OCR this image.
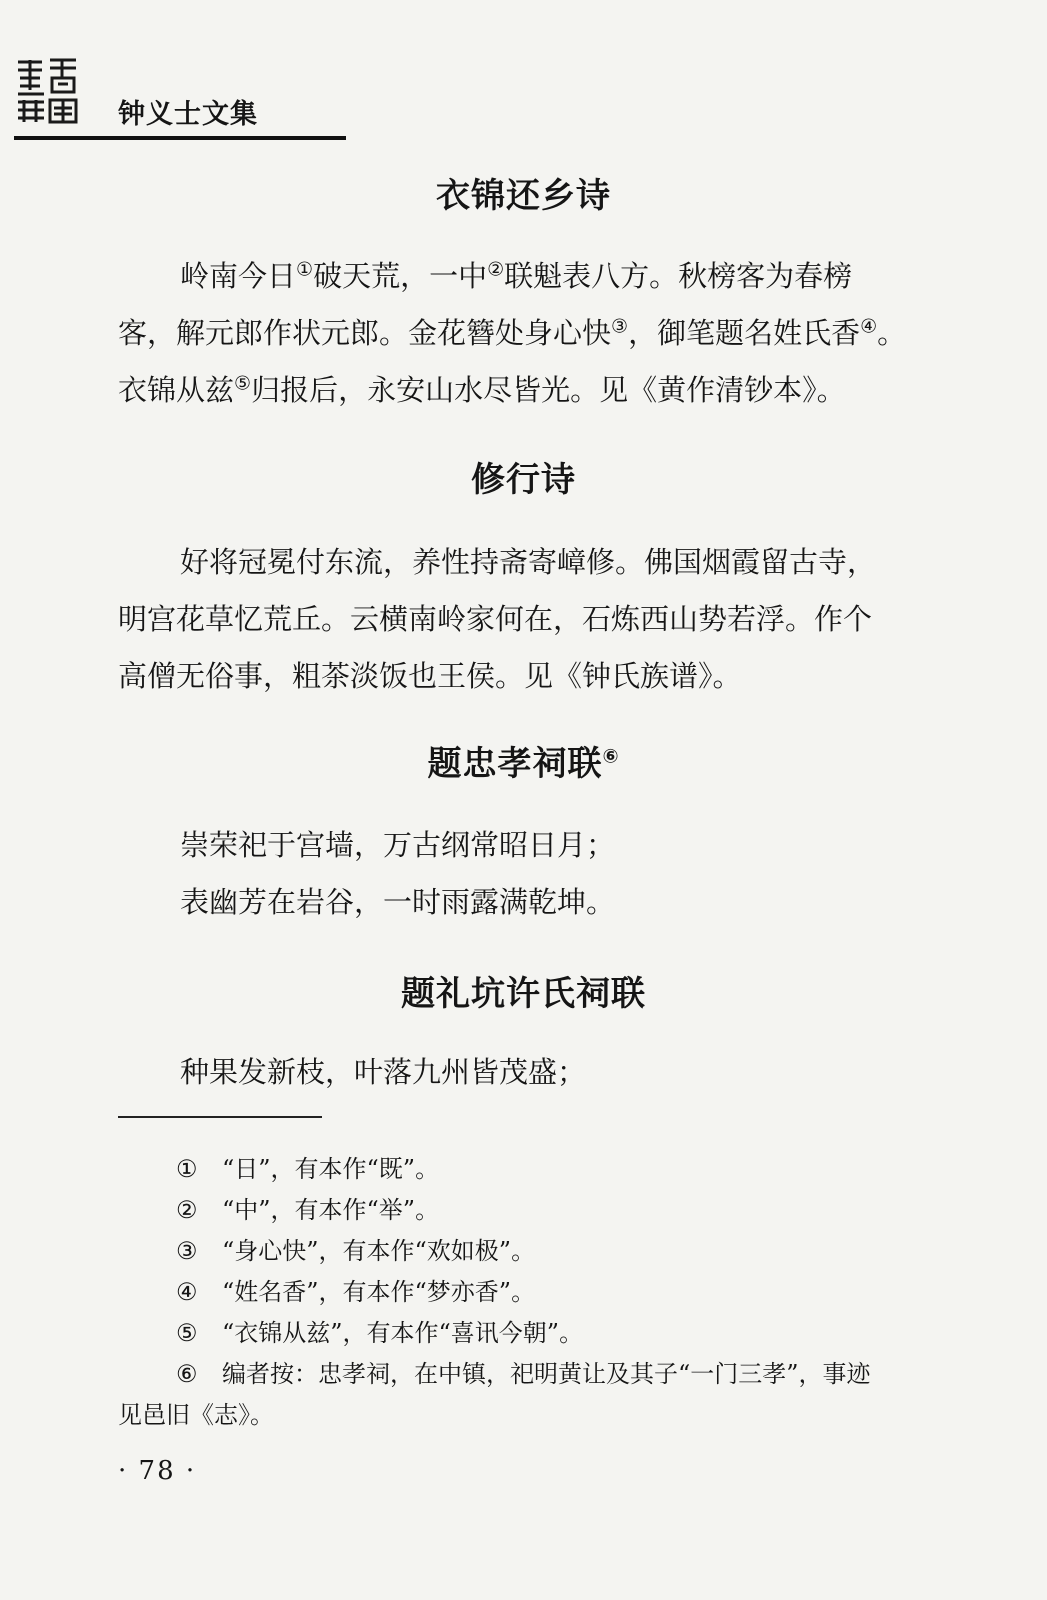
钟义士文集
衣锦还乡诗
岭南今日①破天荒，一中②联魁表八方。秋榜客为春榜
客，解元郎作状元郎。金花簪处身心快③，御笔题名姓氏香④。
衣锦从兹⑤归报后，永安山水尽皆光。见《黄作清钞本》。
修行诗
好将冠冕付东流，养性持斋寄嶂修。佛国烟霞留古寺，
明宫花草忆荒丘。云横南岭家何在，石炼西山势若浮。作个
高僧无俗事，粗茶淡饭也王侯。见《钟氏族谱》。
题忠孝祠联⑥
崇荣祀于宫墙，万古纲常昭日月；
表幽芳在岩谷，一时雨露满乾坤。
题礼坑许氏祠联
种果发新枝，叶落九州皆茂盛；
① “日”，有本作“既”。
② “中”，有本作“举”。
③ “身心快”，有本作“欢如极”。
④ “姓名香”，有本作“梦亦香”。
⑤ “衣锦从兹”，有本作“喜讯今朝”。
⑥ 编者按：忠孝祠，在中镇，祀明黄让及其子“一门三孝”，事迹
见邑旧《志》。
· 78 ·
